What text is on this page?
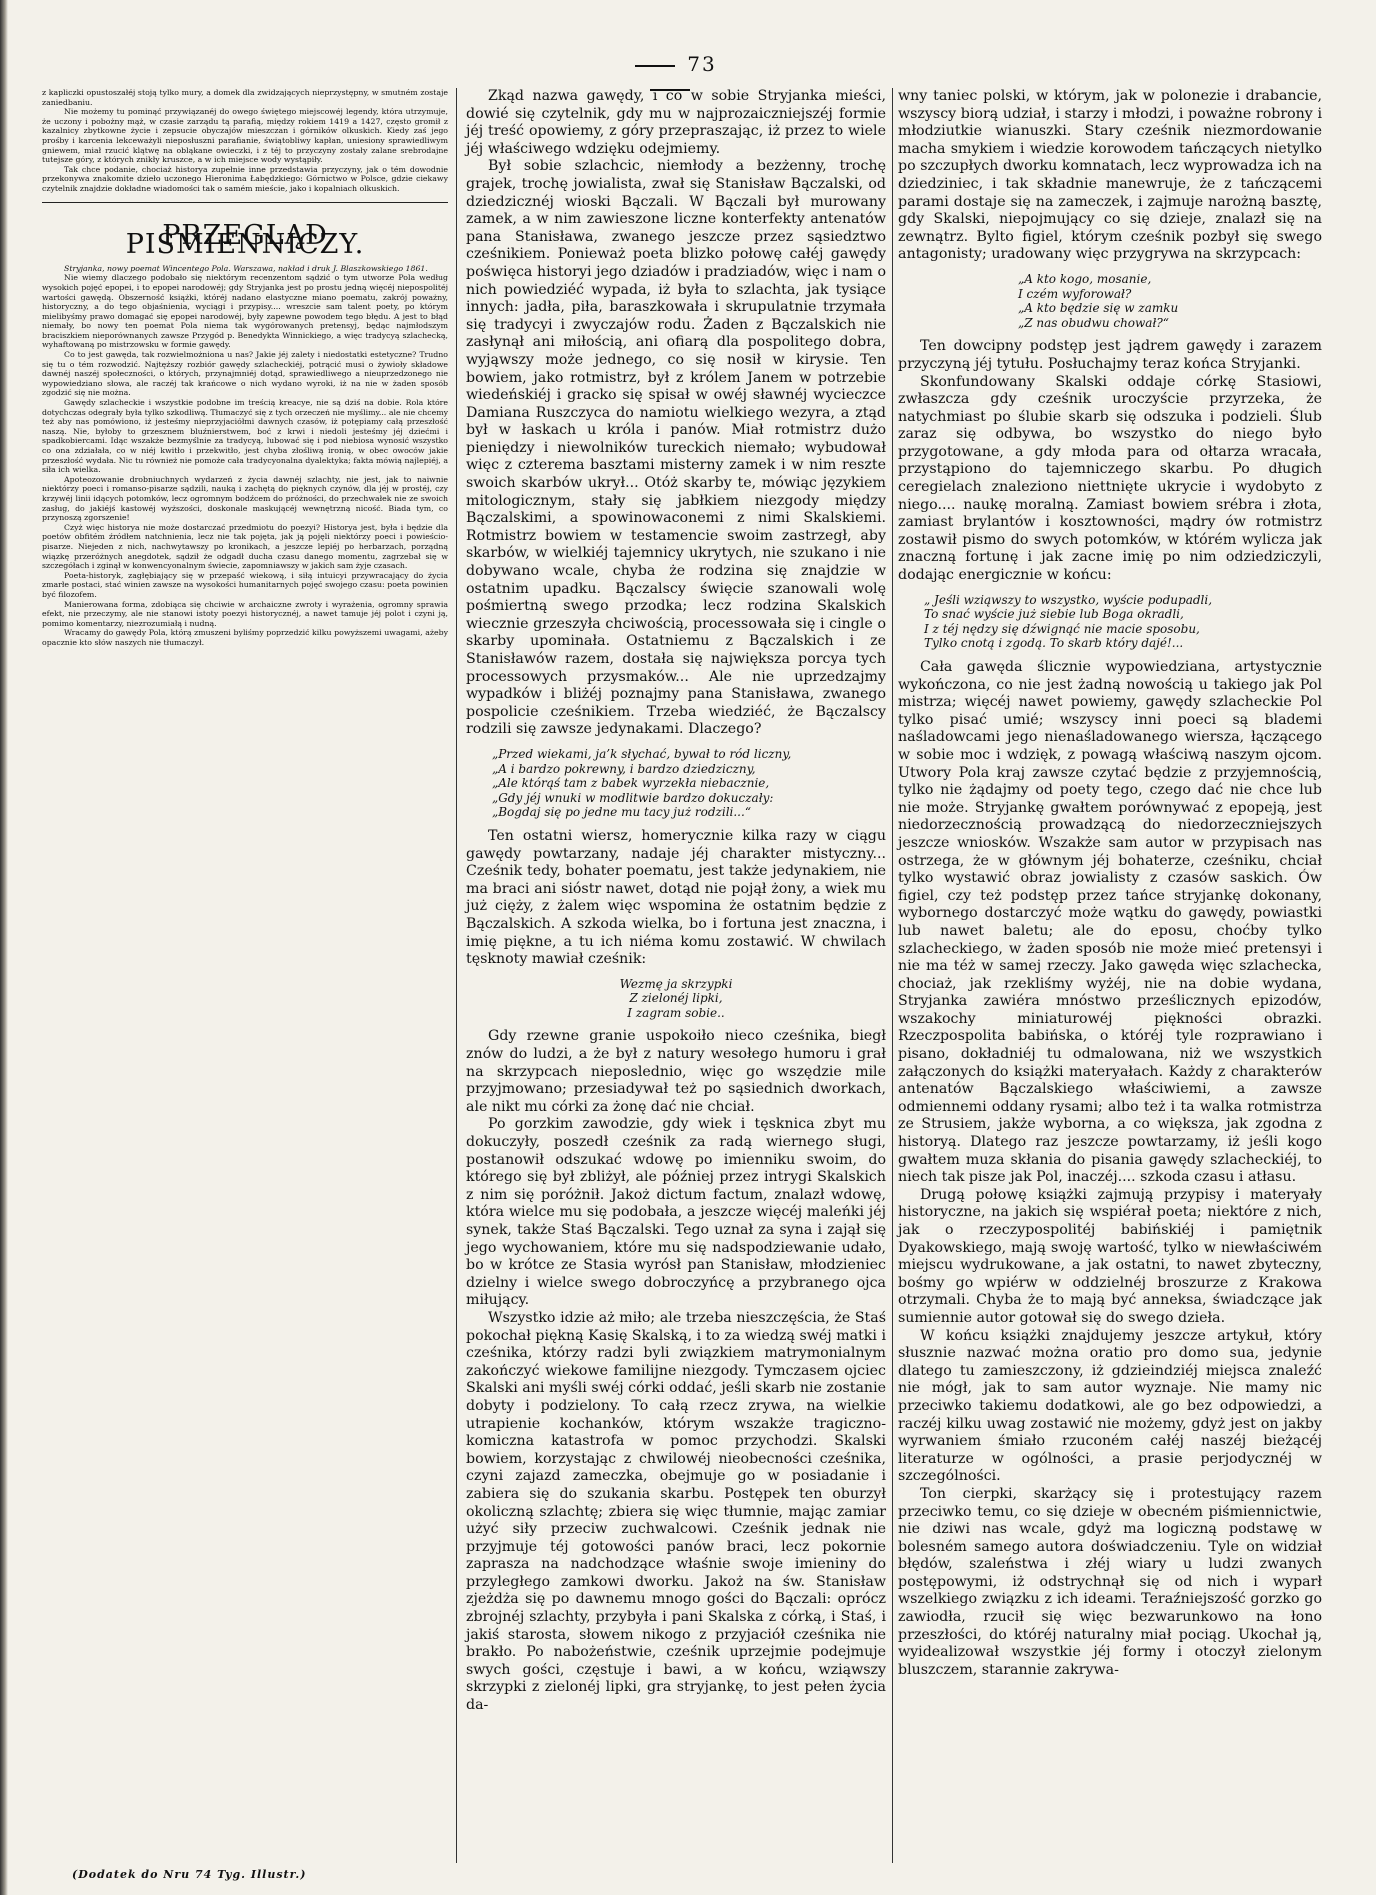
73

z kapliczki opustoszałéj stoją tylko mury, a domek dla zwidzających nieprzystępny, w smutném zostaje zaniedbaniu.

Nie możemy tu pominąć przywiązanéj do owego świętego miejscowéj legendy, która utrzymuje, że uczony i pobożny mąż, w czasie zarządu tą parafią, między rokiem 1419 a 1427, często gromił z kazalnicy zbytkowne życie i zepsucie obyczajów mieszczan i górników olkuskich. Kiedy zaś jego prośby i karcenia lekceważyli nieposłuszni parafianie, świątobliwy kapłan, uniesiony sprawiedliwym gniewem, miał rzucić klątwę na obląkane owieczki, i z téj to przyczyny zostały zalane srebrodajne tutejsze góry, z których znikły kruszce, a w ich miejsce wody wystąpiły.

Tak chce podanie, chociaż historya zupełnie inne przedstawia przyczyny, jak o tém dowodnie przekonywa znakomite dzieło uczonego Hieronima Łabędzkiego: Górnictwo w Polsce, gdzie ciekawy czytelnik znajdzie dokładne wiadomości tak o samém mieście, jako i kopalniach olkuskich.

PRZEGLĄD PIŚMIENNICZY.

Stryjanka, nowy poemat Wincentego Pola. Warszawa, nakład i druk J. Blaszkowskiego 1861.

Nie wiemy dlaczego podobało się niektórym recenzentom sądzić o tym utworze Pola według wysokich pojęć epopei, i to epopei narodowéj; gdy Stryjanka jest po prostu jedną więcéj niepospolitéj wartości gawędą. Obszerność książki, któréj nadano elastyczne miano poematu, zakrój poważny, historyczny, a do tego objaśnienia, wyciągi i przypisy.... wreszcie sam talent poety, po którym mielibyśmy prawo domagać się epopei narodowéj, były zapewne powodem tego błędu. A jest to błąd niemały, bo nowy ten poemat Pola niema tak wygórowanych pretensyj, będąc najmłodszym braciszkiem nieporównanych zawsze Przygód p. Benedykta Winnickiego, a więc tradycyą szlachecką, wyhaftowaną po mistrzowsku w formie gawędy.

Co to jest gawęda, tak rozwielmożniona u nas? Jakie jéj zalety i niedostatki estetyczne? Trudno się tu o tém rozwodzić. Najtęższy rozbiór gawędy szlacheckiéj, potrącić musi o żywioły składowe dawnéj naszéj społeczności, o których, przynajmniéj dotąd, sprawiedliwego a nieuprzedzonego nie wypowiedziano słowa, ale raczéj tak krańcowe o nich wydano wyroki, iż na nie w żaden sposób zgodzić się nie można.

Gawędy szlacheckie i wszystkie podobne im treścią kreacye, nie są dziś na dobie. Rola które dotychczas odegrały była tylko szkodliwą. Tłumaczyć się z tych orzeczeń nie myślimy... ale nie chcemy też aby nas pomówiono, iż jesteśmy nieprzyjaciółmi dawnych czasów, iż potępiamy całą przeszłość naszą. Nie, byłoby to grzesznem bluźnierstwem, boć z krwi i niedoli jesteśmy jéj dziećmi i spadkobiercami. Idąc wszakże bezmyślnie za tradycyą, lubować się i pod niebiosa wynosić wszystko co ona zdziałała, co w niéj kwitło i przekwitło, jest chyba złośliwą ironią, w obec owoców jakie przeszłość wydała. Nic tu również nie pomoże cała tradycyonalna dyalektyka; fakta mówią najlepiéj, a siła ich wielka.

Apoteozowanie drobniuchnych wydarzeń z życia dawnéj szlachty, nie jest, jak to naiwnie niektórzy poeci i romanso-pisarze sądzili, nauką i zachętą do pięknych czynów, dla jéj w prostéj, czy krzywéj linii idących potomków, lecz ogromnym bodźcem do próżności, do przechwałek nie ze swoich zasług, do jakiéjś kastowéj wyższości, doskonale maskującéj wewnętrzną nicość. Biada tym, co przynoszą zgorszenie!

Czyż więc historya nie może dostarczać przedmiotu do poezyi? Historya jest, była i będzie dla poetów obfitém źródłem natchnienia, lecz nie tak pojęta, jak ją pojęli niektórzy poeci i powieścio-pisarze. Niejeden z nich, nachwytawszy po kronikach, a jeszcze lepiéj po herbarzach, porządną wiązkę przeróżnych anegdotek, sądził że odgadł ducha czasu danego momentu, zagrzebał się w szczegółach i zginął w konwencyonalnym świecie, zapomniawszy w jakich sam żyje czasach.

Poeta-historyk, zagłębiający się w przepaść wiekową, i siłą intuicyi przywracający do życia zmarłe postaci, stać winien zawsze na wysokości humanitarnych pojęć swojego czasu: poeta powinien być filozofem.

Manierowana forma, zdobiąca się chciwie w archaiczne zwroty i wyrażenia, ogromny sprawia efekt, nie przeczymy, ale nie stanowi istoty poezyi historycznéj, a nawet tamuje jéj polot i czyni ją, pomimo komentarzy, niezrozumiałą i nudną.

Wracamy do gawędy Pola, którą zmuszeni byliśmy poprzedzić kilku powyższemi uwagami, ażeby opacznie kto słów naszych nie tłumaczył.

Zkąd nazwa gawędy, i co w sobie Stryjanka mieści, dowié się czytelnik, gdy mu w najprozaiczniejszéj formie jéj treść opowiemy, z góry przepraszając, iż przez to wiele jéj właściwego wdzięku odejmiemy.

Był sobie szlachcic, niemłody a bezżenny, trochę grajek, trochę jowialista, zwał się Stanisław Bączalski, od dziedzicznéj wioski Bączali. W Bączali był murowany zamek, a w nim zawieszone liczne konterfekty antenatów pana Stanisława, zwanego jeszcze przez sąsiedztwo cześnikiem. Ponieważ poeta blizko połowę całéj gawędy poświęca historyi jego dziadów i pradziadów, więc i nam o nich powiedziéć wypada, iż była to szlachta, jak tysiące innych: jadła, piła, baraszkowała i skrupulatnie trzymała się tradycyi i zwyczajów rodu. Żaden z Bączalskich nie zasłynął ani miłością, ani ofiarą dla pospolitego dobra, wyjąwszy może jednego, co się nosił w kirysie. Ten bowiem, jako rotmistrz, był z królem Janem w potrzebie wiedeńskiéj i gracko się spisał w owéj sławnéj wycieczce Damiana Ruszczyca do namiotu wielkiego wezyra, a ztąd był w łaskach u króla i panów. Miał rotmistrz dużo pieniędzy i niewolników tureckich niemało; wybudował więc z czterema basztami misterny zamek i w nim reszte swoich skarbów ukrył... Otóż skarby te, mówiąc językiem mitologicznym, stały się jabłkiem niezgody między Bączalskimi, a spowinowaconemi z nimi Skalskiemi. Rotmistrz bowiem w testamencie swoim zastrzegł, aby skarbów, w wielkiéj tajemnicy ukrytych, nie szukano i nie dobywano wcale, chyba że rodzina się znajdzie w ostatnim upadku. Bączalscy święcie szanowali wolę pośmiertną swego przodka; lecz rodzina Skalskich wiecznie grzeszyła chciwością, processowała się i cingle o skarby upominała. Ostatniemu z Bączalskich i ze Stanisławów razem, dostała się największa porcya tych processowych przysmaków... Ale nie uprzedzajmy wypadków i bliżéj poznajmy pana Stanisława, zwanego pospolicie cześnikiem. Trzeba wiedziéć, że Bączalscy rodzili się zawsze jedynakami. Dlaczego?

„Przed wiekami, ja’k słychać, bywał to ród liczny,
„A i bardzo pokrewny, i bardzo dziedziczny,
„Ale którąś tam z babek wyrzekła niebacznie,
„Gdy jéj wnuki w modlitwie bardzo dokuczały:
„Bogdaj się po jedne mu tacy już rodzili...“

Ten ostatni wiersz, homerycznie kilka razy w ciągu gawędy powtarzany, nadaje jéj charakter mistyczny... Cześnik tedy, bohater poematu, jest także jedynakiem, nie ma braci ani sióstr nawet, dotąd nie pojął żony, a wiek mu już cięży, z żalem więc wspomina że ostatnim będzie z Bączalskich. A szkoda wielka, bo i fortuna jest znaczna, i imię piękne, a tu ich niéma komu zostawić. W chwilach tęsknoty mawiał cześnik:

Wezmę ja skrzypki
Z zielonéj lipki,
I zagram sobie..

Gdy rzewne granie uspokoiło nieco cześnika, biegł znów do ludzi, a że był z natury wesołego humoru i grał na skrzypcach nieposlednio, więc go wszędzie mile przyjmowano; przesiadywał też po sąsiednich dworkach, ale nikt mu córki za żonę dać nie chciał.

Po gorzkim zawodzie, gdy wiek i tęsknica zbyt mu dokuczyły, poszedł cześnik za radą wiernego sługi, postanowił odszukać wdowę po imienniku swoim, do którego się był zbliżył, ale później przez intrygi Skalskich z nim się poróżnił. Jakoż dictum factum, znalazł wdowę, która wielce mu się podobała, a jeszcze więcéj maleńki jéj synek, także Staś Bączalski. Tego uznał za syna i zajął się jego wychowaniem, które mu się nadspodziewanie udało, bo w krótce ze Stasia wyrósł pan Stanisław, młodzieniec dzielny i wielce swego dobroczyńcę a przybranego ojca miłujący.

Wszystko idzie aż miło; ale trzeba nieszczęścia, że Staś pokochał piękną Kasię Skalską, i to za wiedzą swéj matki i cześnika, którzy radzi byli związkiem matrymonialnym zakończyć wiekowe familijne niezgody. Tymczasem ojciec Skalski ani myśli swéj córki oddać, jeśli skarb nie zostanie dobyty i podzielony. To całą rzecz zrywa, na wielkie utrapienie kochanków, którym wszakże tragiczno-komiczna katastrofa w pomoc przychodzi. Skalski bowiem, korzystając z chwilowéj nieobecności cześnika, czyni zajazd zameczka, obejmuje go w posiadanie i zabiera się do szukania skarbu. Postępek ten oburzył okoliczną szlachtę; zbiera się więc tłumnie, mając zamiar użyć siły przeciw zuchwalcowi. Cześnik jednak nie przyjmuje téj gotowości panów braci, lecz pokornie zaprasza na nadchodzące właśnie swoje imieniny do przyległego zamkowi dworku. Jakoż na św. Stanisław zjeżdża się po dawnemu mnogo gości do Bączali: oprócz zbrojnéj szlachty, przybyła i pani Skalska z córką, i Staś, i jakiś starosta, słowem nikogo z przyjaciół cześnika nie brakło. Po nabożeństwie, cześnik uprzejmie podejmuje swych gości, częstuje i bawi, a w końcu, wziąwszy skrzypki z zielonéj lipki, gra stryjankę, to jest pełen życia da-

wny taniec polski, w którym, jak w polonezie i drabancie, wszyscy biorą udział, i starzy i młodzi, i poważne robrony i młodziutkie wianuszki. Stary cześnik niezmordowanie macha smykiem i wiedzie korowodem tańczących nietylko po szczupłych dworku komnatach, lecz wyprowadza ich na dziedziniec, i tak składnie manewruje, że z tańczącemi parami dostaje się na zameczek, i zajmuje narożną basztę, gdy Skalski, niepojmujący co się dzieje, znalazł się na zewnątrz. Bylto figiel, którym cześnik pozbył się swego antagonisty; uradowany więc przygrywa na skrzypcach:

„A kto kogo, mosanie,
I czém wyforował?
„A kto będzie się w zamku
„Z nas obudwu chował?“

Ten dowcipny podstęp jest jądrem gawędy i zarazem przyczyną jéj tytułu. Posłuchajmy teraz końca Stryjanki.

Skonfundowany Skalski oddaje córkę Stasiowi, zwłaszcza gdy cześnik uroczyście przyrzeka, że natychmiast po ślubie skarb się odszuka i podzieli. Ślub zaraz się odbywa, bo wszystko do niego było przygotowane, a gdy młoda para od ołtarza wracała, przystąpiono do tajemniczego skarbu. Po długich ceregielach znaleziono niettnięte ukrycie i wydobyto z niego.... naukę moralną. Zamiast bowiem srébra i złota, zamiast brylantów i kosztowności, mądry ów rotmistrz zostawił pismo do swych potomków, w którém wylicza jak znaczną fortunę i jak zacne imię po nim odziedziczyli, dodając energicznie w końcu:

„ Jeśli wziąwszy to wszystko, wyście podupadli,
To snać wyście już siebie lub Boga okradli,
I z téj nędzy się dźwignąć nie macie sposobu,
Tylko cnotą i zgodą. To skarb który dajé!...

Cała gawęda ślicznie wypowiedziana, artystycznie wykończona, co nie jest żadną nowością u takiego jak Pol mistrza; więcéj nawet powiemy, gawędy szlacheckie Pol tylko pisać umié; wszyscy inni poeci są blademi naśladowcami jego nienaśladowanego wiersza, łączącego w sobie moc i wdzięk, z powagą właściwą naszym ojcom. Utwory Pola kraj zawsze czytać będzie z przyjemnością, tylko nie żądajmy od poety tego, czego dać nie chce lub nie może. Stryjankę gwałtem porównywać z epopeją, jest niedorzecznością prowadzącą do niedorzeczniejszych jeszcze wniosków. Wszakże sam autor w przypisach nas ostrzega, że w głównym jéj bohaterze, cześniku, chciał tylko wystawić obraz jowialisty z czasów saskich. Ów figiel, czy też podstęp przez tańce stryjankę dokonany, wybornego dostarczyć może wątku do gawędy, powiastki lub nawet baletu; ale do eposu, choćby tylko szlacheckiego, w żaden sposób nie może mieć pretensyi i nie ma téż w samej rzeczy. Jako gawęda więc szlachecka, chociaż, jak rzekliśmy wyżéj, nie na dobie wydana, Stryjanka zawiéra mnóstwo prześlicznych epizodów, wszakochy miniaturowéj piękności obrazki. Rzeczpospolita babińska, o któréj tyle rozprawiano i pisano, dokładniéj tu odmalowana, niż we wszystkich załączonych do książki materyałach. Każdy z charakterów antenatów Bączalskiego właściwiemi, a zawsze odmiennemi oddany rysami; albo też i ta walka rotmistrza ze Strusiem, jakże wyborna, a co większa, jak zgodna z historyą. Dlatego raz jeszcze powtarzamy, iż jeśli kogo gwałtem muza skłania do pisania gawędy szlacheckiéj, to niech tak pisze jak Pol, inaczéj.... szkoda czasu i atłasu.

Drugą połowę książki zajmują przypisy i materyały historyczne, na jakich się wspiérał poeta; niektóre z nich, jak o rzeczypospolitéj babińskiéj i pamiętnik Dyakowskiego, mają swoję wartość, tylko w niewłaściwém miejscu wydrukowane, a jak ostatni, to nawet zbyteczny, bośmy go wpiérw w oddzielnéj broszurze z Krakowa otrzymali. Chyba że to mają być anneksa, świadczące jak sumiennie autor gotował się do swego dzieła.

W końcu książki znajdujemy jeszcze artykuł, który słusznie nazwać można oratio pro domo sua, jedynie dlatego tu zamieszczony, iż gdzieindziéj miejsca znaleźć nie mógł, jak to sam autor wyznaje. Nie mamy nic przeciwko takiemu dodatkowi, ale go bez odpowiedzi, a raczéj kilku uwag zostawić nie możemy, gdyż jest on jakby wyrwaniem śmiało rzuconém całéj naszéj bieżącéj literaturze w ogólności, a prasie perjodycznéj w szczególności.

Ton cierpki, skarżący się i protestujący razem przeciwko temu, co się dzieje w obecném piśmiennictwie, nie dziwi nas wcale, gdyż ma logiczną podstawę w bolesném samego autora doświadczeniu. Tyle on widział błędów, szaleństwa i złéj wiary u ludzi zwanych postępowymi, iż odstrychnął się od nich i wyparł wszelkiego związku z ich ideami. Teraźniejszość gorzko go zawiodła, rzucił się więc bezwarunkowo na łono przeszłości, do któréj naturalny miał pociąg. Ukochał ją, wyidealizował wszystkie jéj formy i otoczył zielonym bluszczem, starannie zakrywa-

(Dodatek do Nru 74 Tyg. Illustr.)
